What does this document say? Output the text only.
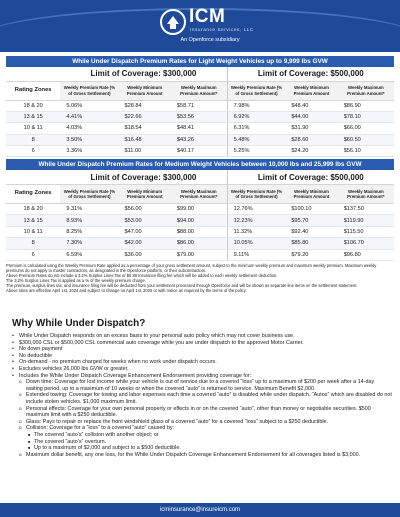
ICM
Insurance Services, LLC
An Openforce subsidiary
While Under Dispatch Premium Rates for Light Weight Vehicles up to 9,999 lbs GVW
	Limit of Coverage: $300,000			Limit of Coverage: $500,000		
Rating Zones	Weekly Premium Rate (% of Gross Settlement)	Weekly Minimum Premium Amount	Weekly Maximum Premium Amount*	Weekly Premium Rate (% of Gross Settlement)	Weekly Minimum Premium Amount	Weekly Maximum Premium Amount*
18 & 20	5.06%	$28.84	$58.71	7.98%	$48.40	$86.90
13 & 15	4.41%	$22.66	$53.56	6.92%	$44.00	$78.10
10 & 11	4.03%	$18.54	$48.41	6.31%	$31.90	$66.00
8	3.50%	$16.48	$43.26	5.48%	$28.60	$60.50
6	3.36%	$11.00	$40.17	5.25%	$24.20	$56.10
While Under Dispatch Premium Rates for Medium Weight Vehicles between 10,000 lbs and 25,999 lbs GVW
	Limit of Coverage: $300,000			Limit of Coverage: $500,000		
Rating Zones	Weekly Premium Rate (% of Gross Settlement)	Weekly Minimum Premium Amount	Weekly Maximum Premium Amount*	Weekly Premium Rate (% of Gross Settlement)	Weekly Minimum Premium Amount	Weekly Maximum Premium Amount*
18 & 20	9.31%	$56.00	$99.00	12.76%	$100.10	$137.50
13 & 15	8.93%	$53.00	$94.00	12.23%	$95.70	$119.90
10 & 11	8.25%	$47.00	$88.00	11.32%	$92.40	$115.50
8	7.30%	$42.00	$86.00	10.05%	$85.80	$106.70
6	6.59%	$36.00	$79.00	9.11%	$79.20	$96.80
Premium is calculated using the Weekly Premium Rate applied as a percentage of your gross settlement amount, subject to the minimum weekly premium and maximum weekly premium. Maximum weekly premiums do not apply to master contractors, as designated in the Openforce platform, or their subcontractors.
Above Premium Rates do not include a 3.2% Surplus Lines Tax or $0.88 Insurance filing fee which will be added to each weekly settlement deduction.
The 3.2% Surplus Lines Tax is applied as a % of the weekly premium charge.
The premium, surplus lines tax, and insurance filing fee will be deducted from your settlement processed through Openforce and will be shown as separate line items on the settlement statement.
Above rates are effective April 1st, 2024 and subject to change on April 1st, 2025 or with notice as required by the terms of the policy.
Why While Under Dispatch?
• While Under Dispatch responds on an excess basis to your personal auto policy which may not cover business use.
• $300,000 CSL or $500,000 CSL commercial auto coverage while you are under dispatch to the approved Motor Carrier.
• No down payment
• No deductible
• On-demand - no premium charged for weeks when no work under dispatch occurs.
• Excludes vehicles 26,000 lbs GVW or greater.
• Includes the While Under Dispatch Coverage Enhancement Endorsement providing coverage for:
o Down time: Coverage for lost income while your vehicle is out of service due to a covered “loss” up to a maximum of $200 per week after a 14-day waiting period, up to a maximum of 10 weeks or when the covered “auto” is returned to service. Maximum Benefit $2,000.
o Extended towing: Coverage for towing and labor expenses each time a covered “auto” is disabled while under dispatch. “Autos” which are disabled do not include stolen vehicles. $1,000 maximum limit.
o Personal effects: Coverage for your own personal property or effects in or on the covered “auto”, other than money or negotiable securities. $500 maximum limit with a $250 deductible.
o Glass: Pays to repair or replace the front windshield glass of a covered “auto” for a covered “loss” subject to a $250 deductible.
o Collision: Coverage for a “loss” to a covered “auto” caused by:
■ The covered “auto’s” collision with another object; or
■ The covered “auto’s” overturn.
■ Up to a maximum of $2,000 and subject to a $500 deductible.
o Maximum dollar benefit, any one loss, for the While Under Dispatch Coverage Enhancement Endorsement for all coverages listed is $3,000.
icminsurance@insureicm.com
